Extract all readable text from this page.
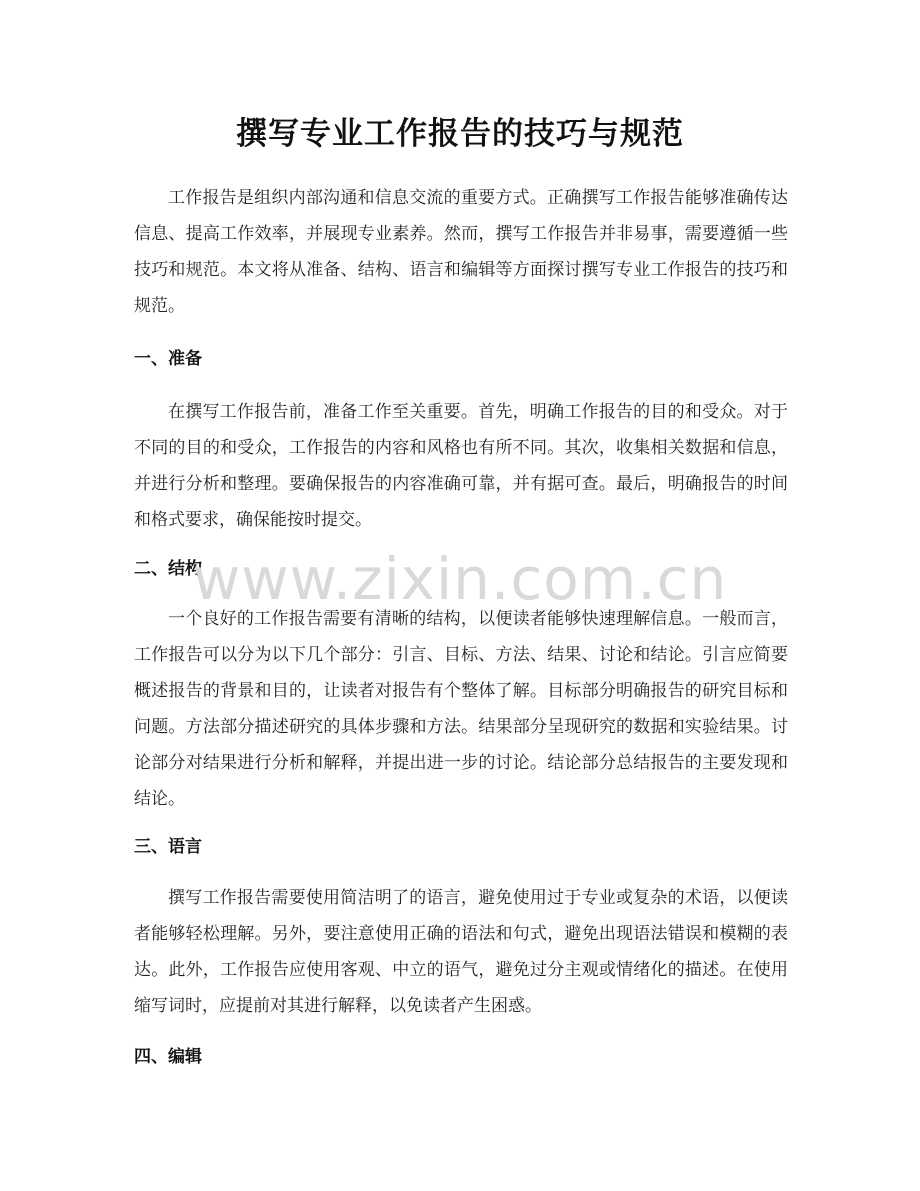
撰写专业工作报告的技巧与规范

工作报告是组织内部沟通和信息交流的重要方式。正确撰写工作报告能够准确传达信息、提高工作效率，并展现专业素养。然而，撰写工作报告并非易事，需要遵循一些技巧和规范。本文将从准备、结构、语言和编辑等方面探讨撰写专业工作报告的技巧和规范。

一、准备

在撰写工作报告前，准备工作至关重要。首先，明确工作报告的目的和受众。对于不同的目的和受众，工作报告的内容和风格也有所不同。其次，收集相关数据和信息，并进行分析和整理。要确保报告的内容准确可靠，并有据可查。最后，明确报告的时间和格式要求，确保能按时提交。

二、结构

一个良好的工作报告需要有清晰的结构，以便读者能够快速理解信息。一般而言，工作报告可以分为以下几个部分：引言、目标、方法、结果、讨论和结论。引言应简要概述报告的背景和目的，让读者对报告有个整体了解。目标部分明确报告的研究目标和问题。方法部分描述研究的具体步骤和方法。结果部分呈现研究的数据和实验结果。讨论部分对结果进行分析和解释，并提出进一步的讨论。结论部分总结报告的主要发现和结论。

三、语言

撰写工作报告需要使用简洁明了的语言，避免使用过于专业或复杂的术语，以便读者能够轻松理解。另外，要注意使用正确的语法和句式，避免出现语法错误和模糊的表达。此外，工作报告应使用客观、中立的语气，避免过分主观或情绪化的描述。在使用缩写词时，应提前对其进行解释，以免读者产生困惑。

四、编辑
www.zixin.com.cn
